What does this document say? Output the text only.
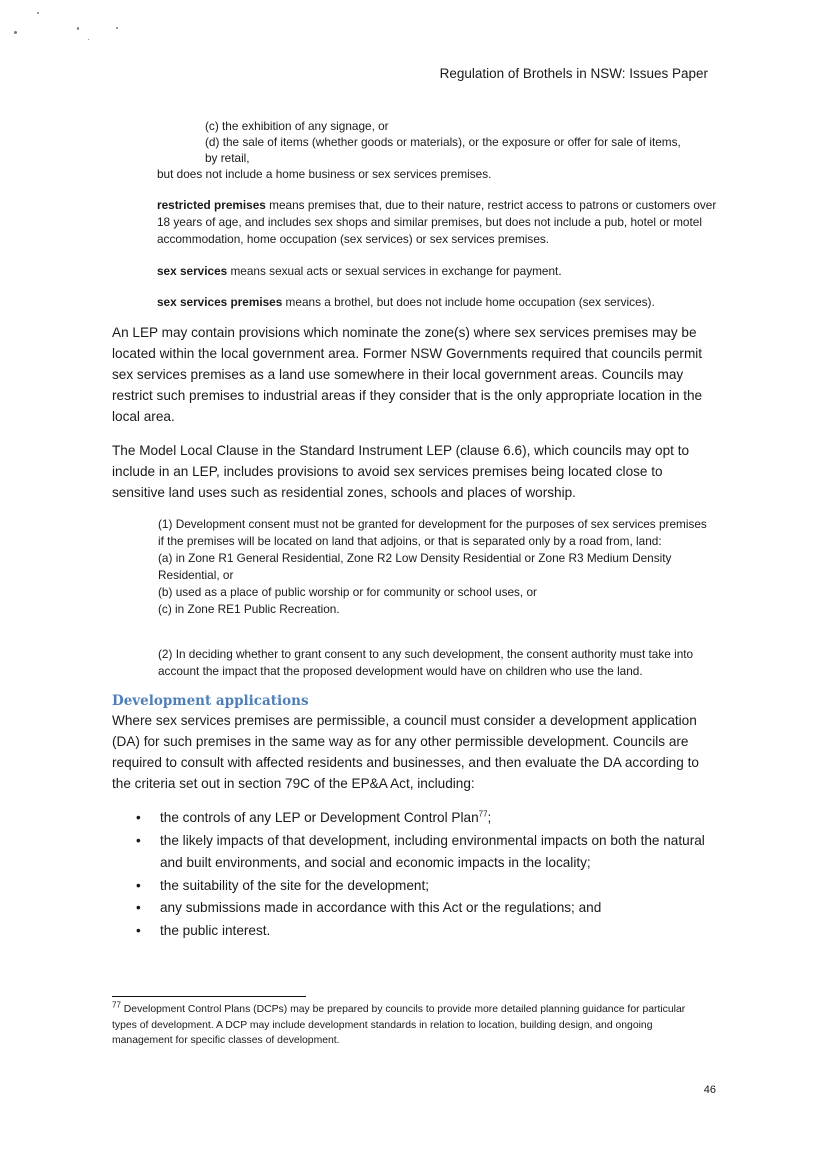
Regulation of Brothels in NSW: Issues Paper
(c) the exhibition of any signage, or
(d) the sale of items (whether goods or materials), or the exposure or offer for sale of items,
by retail,
but does not include a home business or sex services premises.
restricted premises means premises that, due to their nature, restrict access to patrons or customers over 18 years of age, and includes sex shops and similar premises, but does not include a pub, hotel or motel accommodation, home occupation (sex services) or sex services premises.
sex services means sexual acts or sexual services in exchange for payment.
sex services premises means a brothel, but does not include home occupation (sex services).
An LEP may contain provisions which nominate the zone(s) where sex services premises may be located within the local government area. Former NSW Governments required that councils permit sex services premises as a land use somewhere in their local government areas. Councils may restrict such premises to industrial areas if they consider that is the only appropriate location in the local area.
The Model Local Clause in the Standard Instrument LEP (clause 6.6), which councils may opt to include in an LEP, includes provisions to avoid sex services premises being located close to sensitive land uses such as residential zones, schools and places of worship.
(1) Development consent must not be granted for development for the purposes of sex services premises if the premises will be located on land that adjoins, or that is separated only by a road from, land:
(a) in Zone R1 General Residential, Zone R2 Low Density Residential or Zone R3 Medium Density Residential, or
(b) used as a place of public worship or for community or school uses, or
(c) in Zone RE1 Public Recreation.
(2) In deciding whether to grant consent to any such development, the consent authority must take into account the impact that the proposed development would have on children who use the land.
Development applications
Where sex services premises are permissible, a council must consider a development application (DA) for such premises in the same way as for any other permissible development. Councils are required to consult with affected residents and businesses, and then evaluate the DA according to the criteria set out in section 79C of the EP&A Act, including:
• the controls of any LEP or Development Control Plan$^{77}$;
• the likely impacts of that development, including environmental impacts on both the natural and built environments, and social and economic impacts in the locality;
• the suitability of the site for the development;
• any submissions made in accordance with this Act or the regulations; and
• the public interest.
$^{77}$ Development Control Plans (DCPs) may be prepared by councils to provide more detailed planning guidance for particular types of development. A DCP may include development standards in relation to location, building design, and ongoing management for specific classes of development.
46
